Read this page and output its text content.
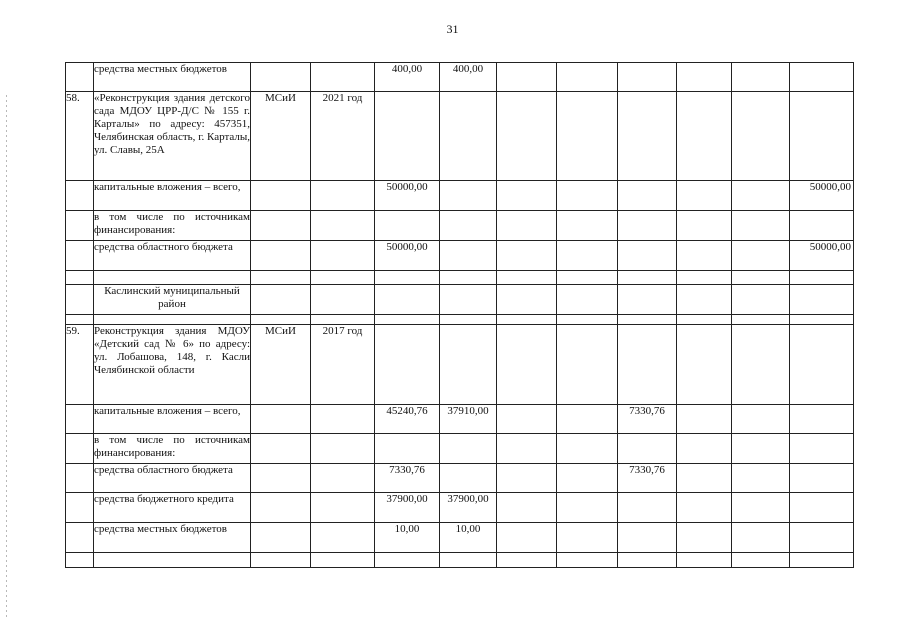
31
	средства местных бюджетов			400,00	400,00						
58.	«Реконструкция здания детского сада МДОУ ЦРР-Д/С № 155 г. Карталы» по адресу: 457351, Челябинская область, г. Карталы, ул. Славы, 25А	МСиИ	2021 год								
	капитальные вложения – всего,			50000,00							50000,00
	в том числе по источникам финансирования:										
	средства областного бюджета			50000,00							50000,00

	Каслинский муниципальный район										

59.	Реконструкция здания МДОУ «Детский сад № 6» по адресу: ул. Лобашова, 148, г. Касли Челябинской области	МСиИ	2017 год								
	капитальные вложения – всего,			45240,76	37910,00			7330,76			
	в том числе по источникам финансирования:										
	средства областного бюджета			7330,76				7330,76			
	средства бюджетного кредита			37900,00	37900,00						
	средства местных бюджетов			10,00	10,00						
